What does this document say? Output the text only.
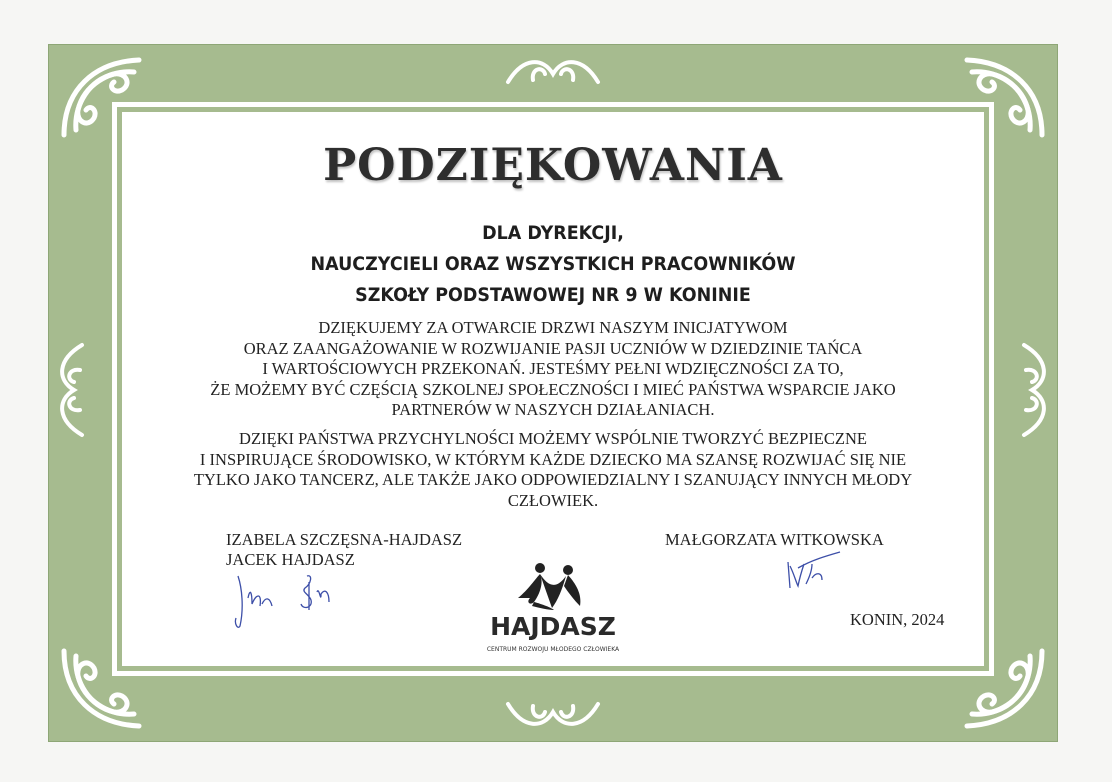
PODZIĘKOWANIA
DLA DYREKCJI,
NAUCZYCIELI ORAZ WSZYSTKICH PRACOWNIKÓW
SZKOŁY PODSTAWOWEJ NR 9 W KONINIE
DZIĘKUJEMY ZA OTWARCIE DRZWI NASZYM INICJATYWOM
ORAZ ZAANGAŻOWANIE W ROZWIJANIE PASJI UCZNIÓW W DZIEDZINIE TAŃCA
I WARTOŚCIOWYCH PRZEKONAŃ. JESTEŚMY PEŁNI WDZIĘCZNOŚCI ZA TO,
ŻE MOŻEMY BYĆ CZĘŚCIĄ SZKOLNEJ SPOŁECZNOŚCI I MIEĆ PAŃSTWA WSPARCIE JAKO
PARTNERÓW W NASZYCH DZIAŁANIACH.
DZIĘKI PAŃSTWA PRZYCHYLNOŚCI MOŻEMY WSPÓLNIE TWORZYĆ BEZPIECZNE
I INSPIRUJĄCE ŚRODOWISKO, W KTÓRYM KAŻDE DZIECKO MA SZANSĘ ROZWIJAĆ SIĘ NIE
TYLKO JAKO TANCERZ, ALE TAKŻE JAKO ODPOWIEDZIALNY I SZANUJĄCY INNYCH MŁODY
CZŁOWIEK.
IZABELA SZCZĘSNA-HAJDASZ
JACEK HAJDASZ
MAŁGORZATA WITKOWSKA
HAJDASZ
CENTRUM ROZWOJU MŁODEGO CZŁOWIEKA
KONIN, 2024
